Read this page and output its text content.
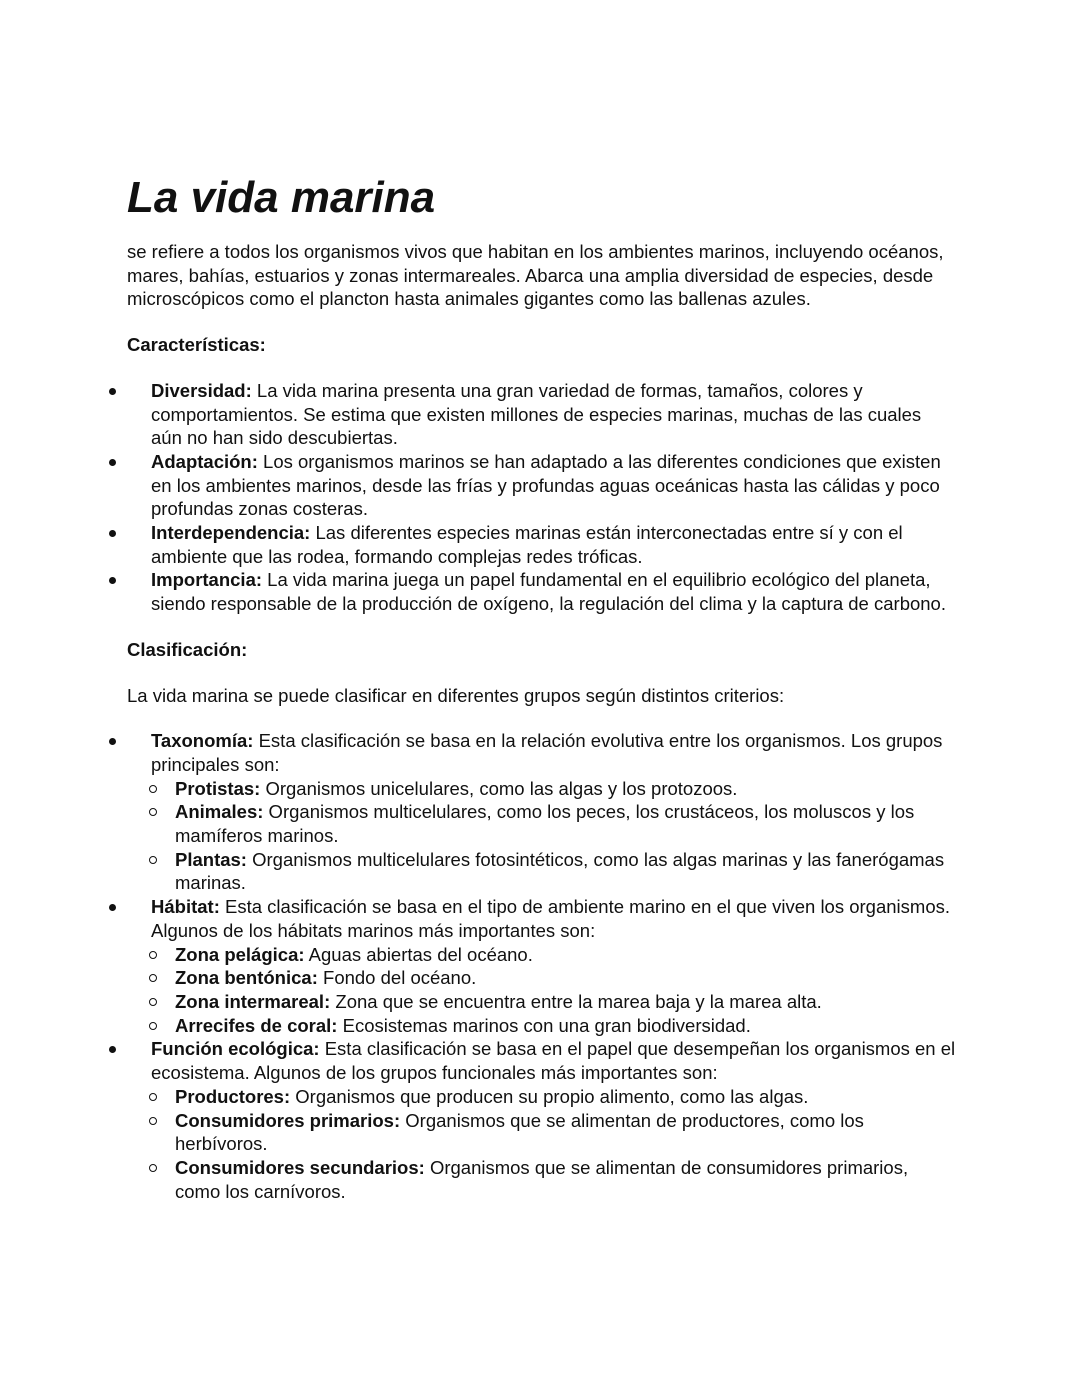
La vida marina

se refiere a todos los organismos vivos que habitan en los ambientes marinos, incluyendo océanos, mares, bahías, estuarios y zonas intermareales. Abarca una amplia diversidad de especies, desde microscópicos como el plancton hasta animales gigantes como las ballenas azules.

Características:

Diversidad: La vida marina presenta una gran variedad de formas, tamaños, colores y comportamientos. Se estima que existen millones de especies marinas, muchas de las cuales aún no han sido descubiertas.
Adaptación: Los organismos marinos se han adaptado a las diferentes condiciones que existen en los ambientes marinos, desde las frías y profundas aguas oceánicas hasta las cálidas y poco profundas zonas costeras.
Interdependencia: Las diferentes especies marinas están interconectadas entre sí y con el ambiente que las rodea, formando complejas redes tróficas.
Importancia: La vida marina juega un papel fundamental en el equilibrio ecológico del planeta, siendo responsable de la producción de oxígeno, la regulación del clima y la captura de carbono.

Clasificación:

La vida marina se puede clasificar en diferentes grupos según distintos criterios:

Taxonomía: Esta clasificación se basa en la relación evolutiva entre los organismos. Los grupos principales son:
Protistas: Organismos unicelulares, como las algas y los protozoos.
Animales: Organismos multicelulares, como los peces, los crustáceos, los moluscos y los mamíferos marinos.
Plantas: Organismos multicelulares fotosintéticos, como las algas marinas y las fanerógamas marinas.
Hábitat: Esta clasificación se basa en el tipo de ambiente marino en el que viven los organismos. Algunos de los hábitats marinos más importantes son:
Zona pelágica: Aguas abiertas del océano.
Zona bentónica: Fondo del océano.
Zona intermareal: Zona que se encuentra entre la marea baja y la marea alta.
Arrecifes de coral: Ecosistemas marinos con una gran biodiversidad.
Función ecológica: Esta clasificación se basa en el papel que desempeñan los organismos en el ecosistema. Algunos de los grupos funcionales más importantes son:
Productores: Organismos que producen su propio alimento, como las algas.
Consumidores primarios: Organismos que se alimentan de productores, como los herbívoros.
Consumidores secundarios: Organismos que se alimentan de consumidores primarios, como los carnívoros.
